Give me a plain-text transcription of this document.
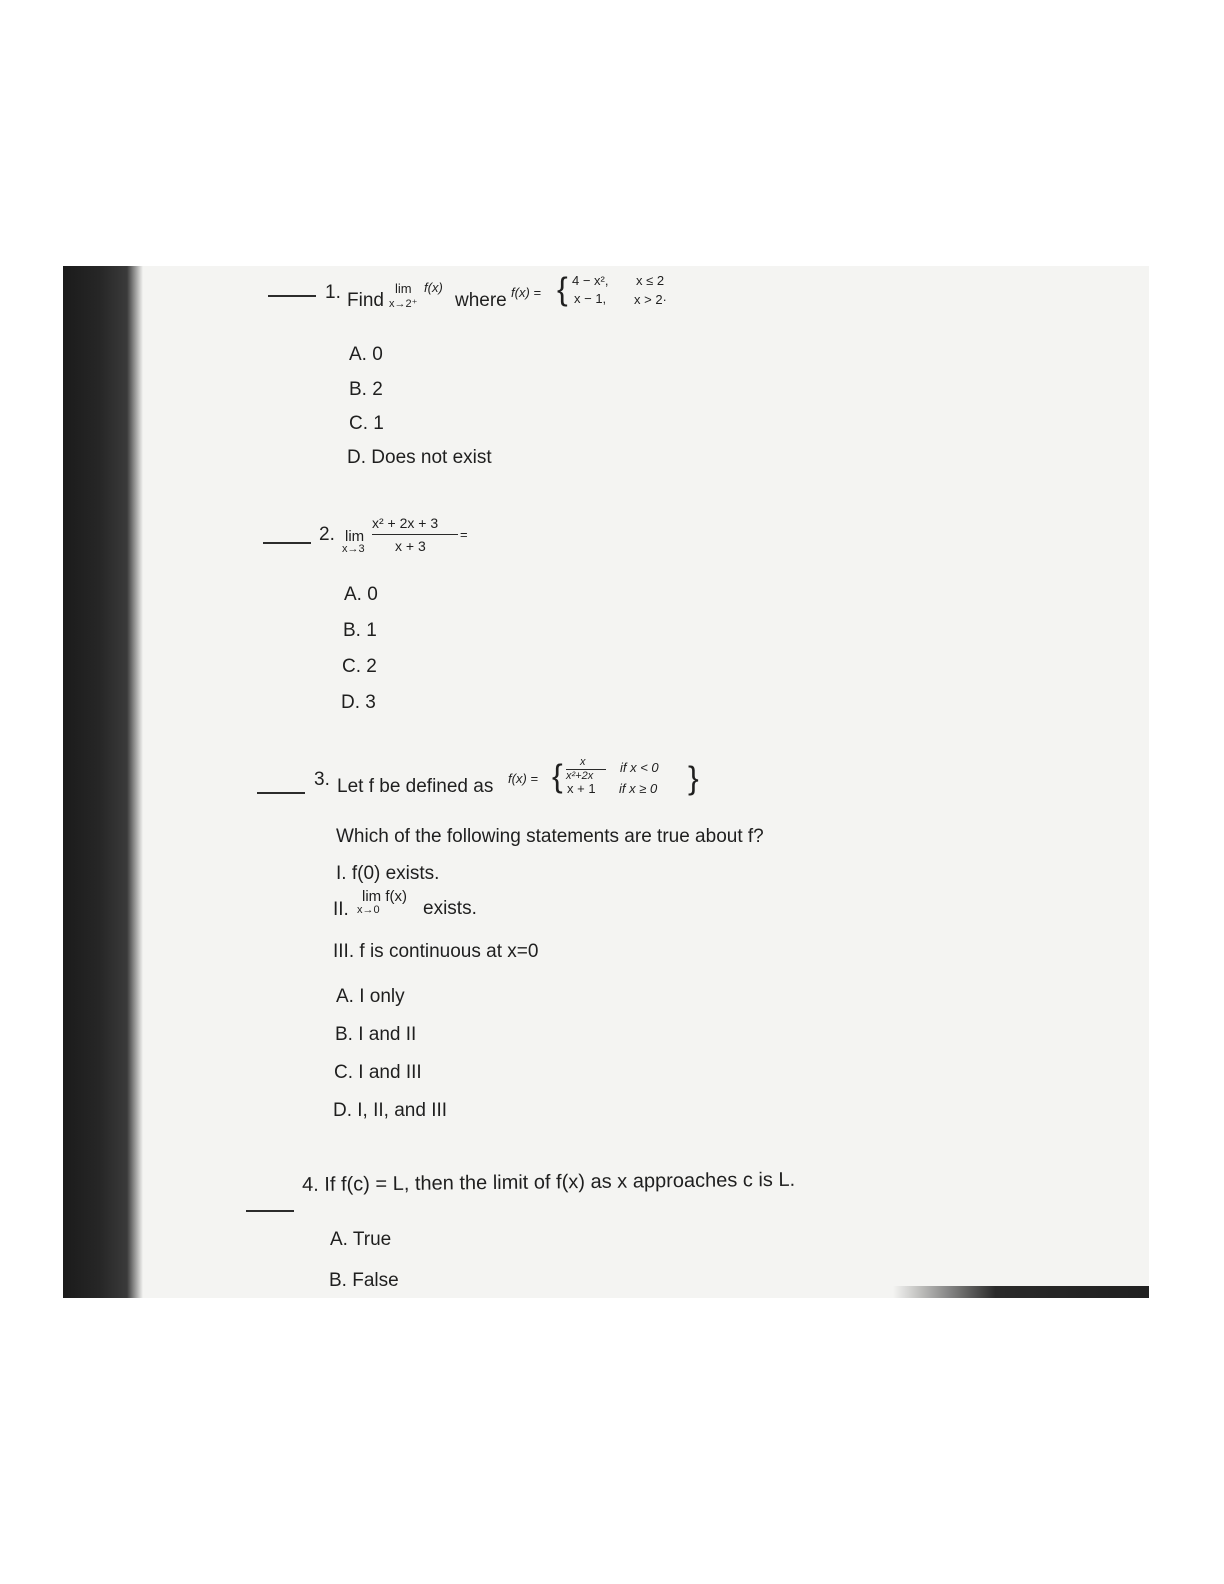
1. Find
lim
x→2⁺
f(x)
where f(x) = { 4 − x², x ≤ 2
x − 1, x > 2·
A. 0
B. 2
C. 1
D. Does not exist
2. lim
x→3
x² + 2x + 3
x + 3
=
A. 0
B. 1
C. 2
D. 3
3. Let f be defined as f(x) = { x
x²+2x
if x < 0
x + 1 if x ≥ 0 }
Which of the following statements are true about f?
I. f(0) exists.
II.
lim f(x)
x→0 exists.
III. f is continuous at x=0
A. I only
B. I and II
C. I and III
D. I, II, and III
4. If f(c) = L, then the limit of f(x) as x approaches c is L.
A. True
B. False
